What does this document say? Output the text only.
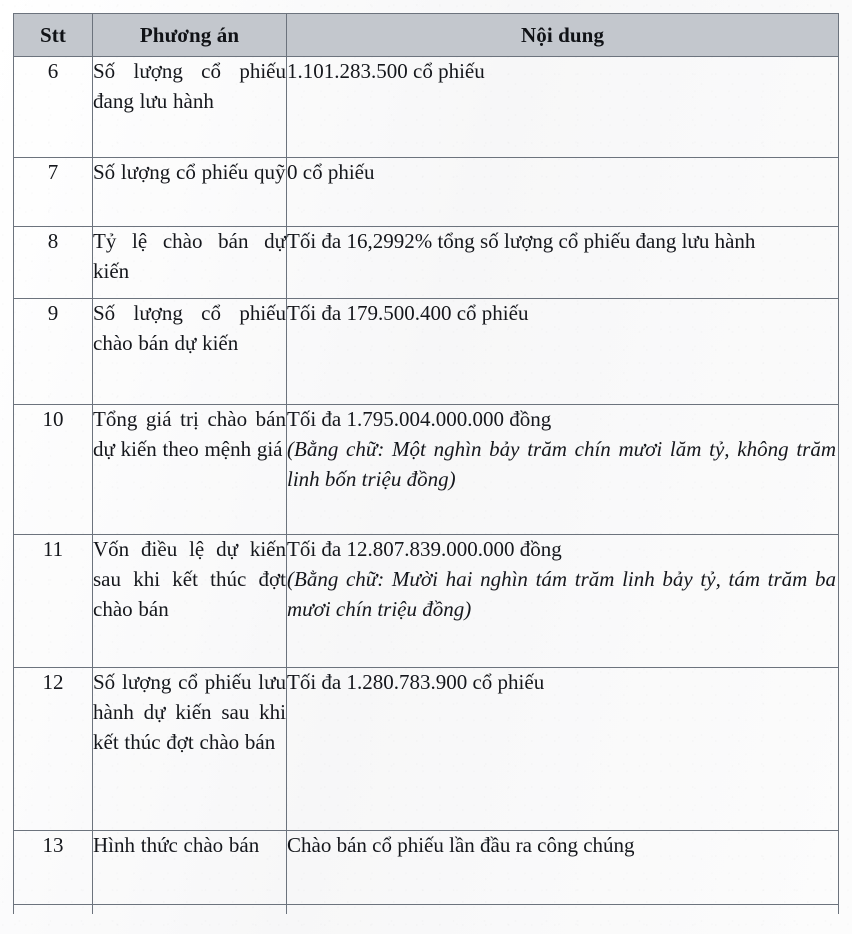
Stt	Phương án	Nội dung
6	Số lượng cổ phiếu đang lưu hành	1.101.283.500 cổ phiếu

7	Số lượng cổ phiếu quỹ	0 cổ phiếu

8	Tỷ lệ chào bán dự kiến	Tối đa 16,2992% tổng số lượng cổ phiếu đang lưu hành

9	Số lượng cổ phiếu chào bán dự kiến	Tối đa 179.500.400 cổ phiếu

10	Tổng giá trị chào bán dự kiến theo mệnh giá	Tối đa 1.795.004.000.000 đồng
(Bằng chữ: Một nghìn bảy trăm chín mươi lăm tỷ, không trăm linh bốn triệu đồng)

11	Vốn điều lệ dự kiến sau khi kết thúc đợt chào bán	Tối đa 12.807.839.000.000 đồng
(Bằng chữ: Mười hai nghìn tám trăm linh bảy tỷ, tám trăm ba mươi chín triệu đồng)

12	Số lượng cổ phiếu lưu hành dự kiến sau khi kết thúc đợt chào bán	Tối đa 1.280.783.900 cổ phiếu

13	Hình thức chào bán	Chào bán cổ phiếu lần đầu ra công chúng
